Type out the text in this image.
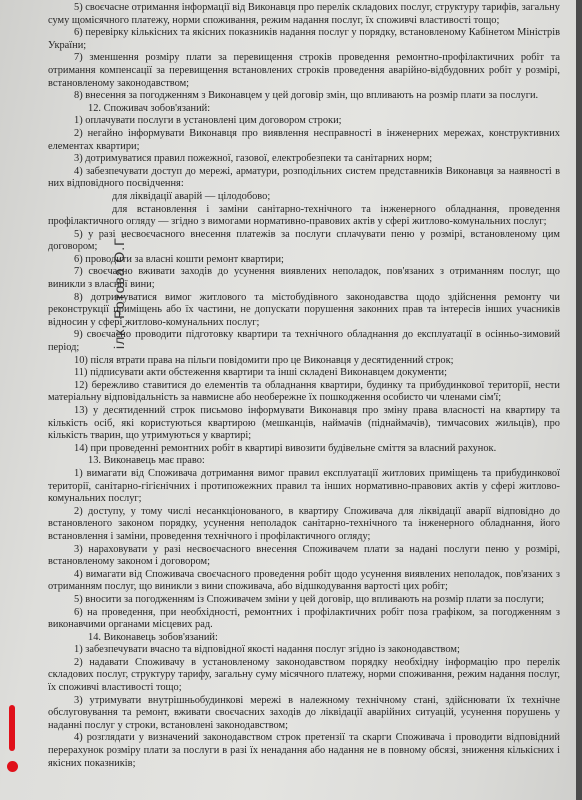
ілк, Ротова О.Г.

5) своєчасне отримання інформації від Виконавця про перелік складових послуг, структуру тарифів, загальну суму щомісячного платежу, норми споживання, режим надання послуг, їх споживчі властивості тощо;

6) перевірку кількісних та якісних показників надання послуг у порядку, встановленому Кабінетом Міністрів України;

7) зменшення розміру плати за перевищення строків проведення ремонтно-профілактичних робіт та отримання компенсації за перевищення встановлених строків проведення аварійно-відбудовних робіт у розмірі, встановленому законодавством;

8) внесення за погодженням з Виконавцем у цей договір змін, що впливають на розмір плати за послуги.

12. Споживач зобов'язаний:

1) оплачувати послуги в установлені цим договором строки;

2) негайно інформувати Виконавця про виявлення несправності в інженерних мережах, конструктивних елементах квартири;

3) дотримуватися правил пожежної, газової, електробезпеки та санітарних норм;

4) забезпечувати доступ до мережі, арматури, розподільних систем представників Виконавця за наявності в них відповідного посвідчення:

для ліквідації аварій — цілодобово;

для встановлення і заміни санітарно-технічного та інженерного обладнання, проведення профілактичного огляду — згідно з вимогами нормативно-правових актів у сфері житлово-комунальних послуг;

5) у разі несвоєчасного внесення платежів за послуги сплачувати пеню у розмірі, встановленому цим договором;

6) проводити за власні кошти ремонт квартири;

7) своєчасно вживати заходів до усунення виявлених неполадок, пов'язаних з отриманням послуг, що виникли з власної вини;

8) дотримуватися вимог житлового та містобудівного законодавства щодо здійснення ремонту чи реконструкції приміщень або їх частини, не допускати порушення законних прав та інтересів інших учасників відносин у сфері житлово-комунальних послуг;

9) своєчасно проводити підготовку квартири та технічного обладнання до експлуатації в осінньо-зимовий період;

10) після втрати права на пільги повідомити про це Виконавця у десятиденний строк;

11) підписувати акти обстеження квартири та інші складені Виконавцем документи;

12) бережливо ставитися до елементів та обладнання квартири, будинку та прибудинкової території, нести матеріальну відповідальність за навмисне або необережне їх пошкодження особисто чи членами сім'ї;

13) у десятиденний строк письмово інформувати Виконавця про зміну права власності на квартиру та кількість осіб, які користуються квартирою (мешканців, наймачів (піднаймачів), тимчасових жильців), про кількість тварин, що утримуються у квартирі;

14) при проведенні ремонтних робіт в квартирі вивозити будівельне сміття за власний рахунок.

13. Виконавець має право:

1) вимагати від Споживача дотримання вимог правил експлуатації житлових приміщень та прибудинкової території, санітарно-гігієнічних і протипожежних правил та інших нормативно-правових актів у сфері житлово-комунальних послуг;

2) доступу, у тому числі несанкціонованого, в квартиру Споживача для ліквідації аварії відповідно до встановленого законом порядку, усунення неполадок санітарно-технічного та інженерного обладнання, його встановлення і заміни, проведення технічного і профілактичного огляду;

3) нараховувати у разі несвоєчасного внесення Споживачем плати за надані послуги пеню у розмірі, встановленому законом і договором;

4) вимагати від Споживача своєчасного проведення робіт щодо усунення виявлених неполадок, пов'язаних з отриманням послуг, що виникли з вини споживача, або відшкодування вартості цих робіт;

5) вносити за погодженням із Споживачем зміни у цей договір, що впливають на розмір плати за послуги;

6) на проведення, при необхідності, ремонтних і профілактичних робіт поза графіком, за погодженням з виконавчими органами місцевих рад.

14. Виконавець зобов'язаний:

1) забезпечувати вчасно та відповідної якості надання послуг згідно із законодавством;

2) надавати Споживачу в установленому законодавством порядку необхідну інформацію про перелік складових послуг, структуру тарифу, загальну суму місячного платежу, норми споживання, режим надання послуг, їх споживчі властивості тощо;

3) утримувати внутрішньобудинкові мережі в належному технічному стані, здійснювати їх технічне обслуговування та ремонт, вживати своєчасних заходів до ліквідації аварійних ситуацій, усунення порушень у наданні послуг у строки, встановлені законодавством;

4) розглядати у визначений законодавством строк претензії та скарги Споживача і проводити відповідний перерахунок розміру плати за послуги в разі їх ненадання або надання не в повному обсязі, зниження кількісних і якісних показників;
